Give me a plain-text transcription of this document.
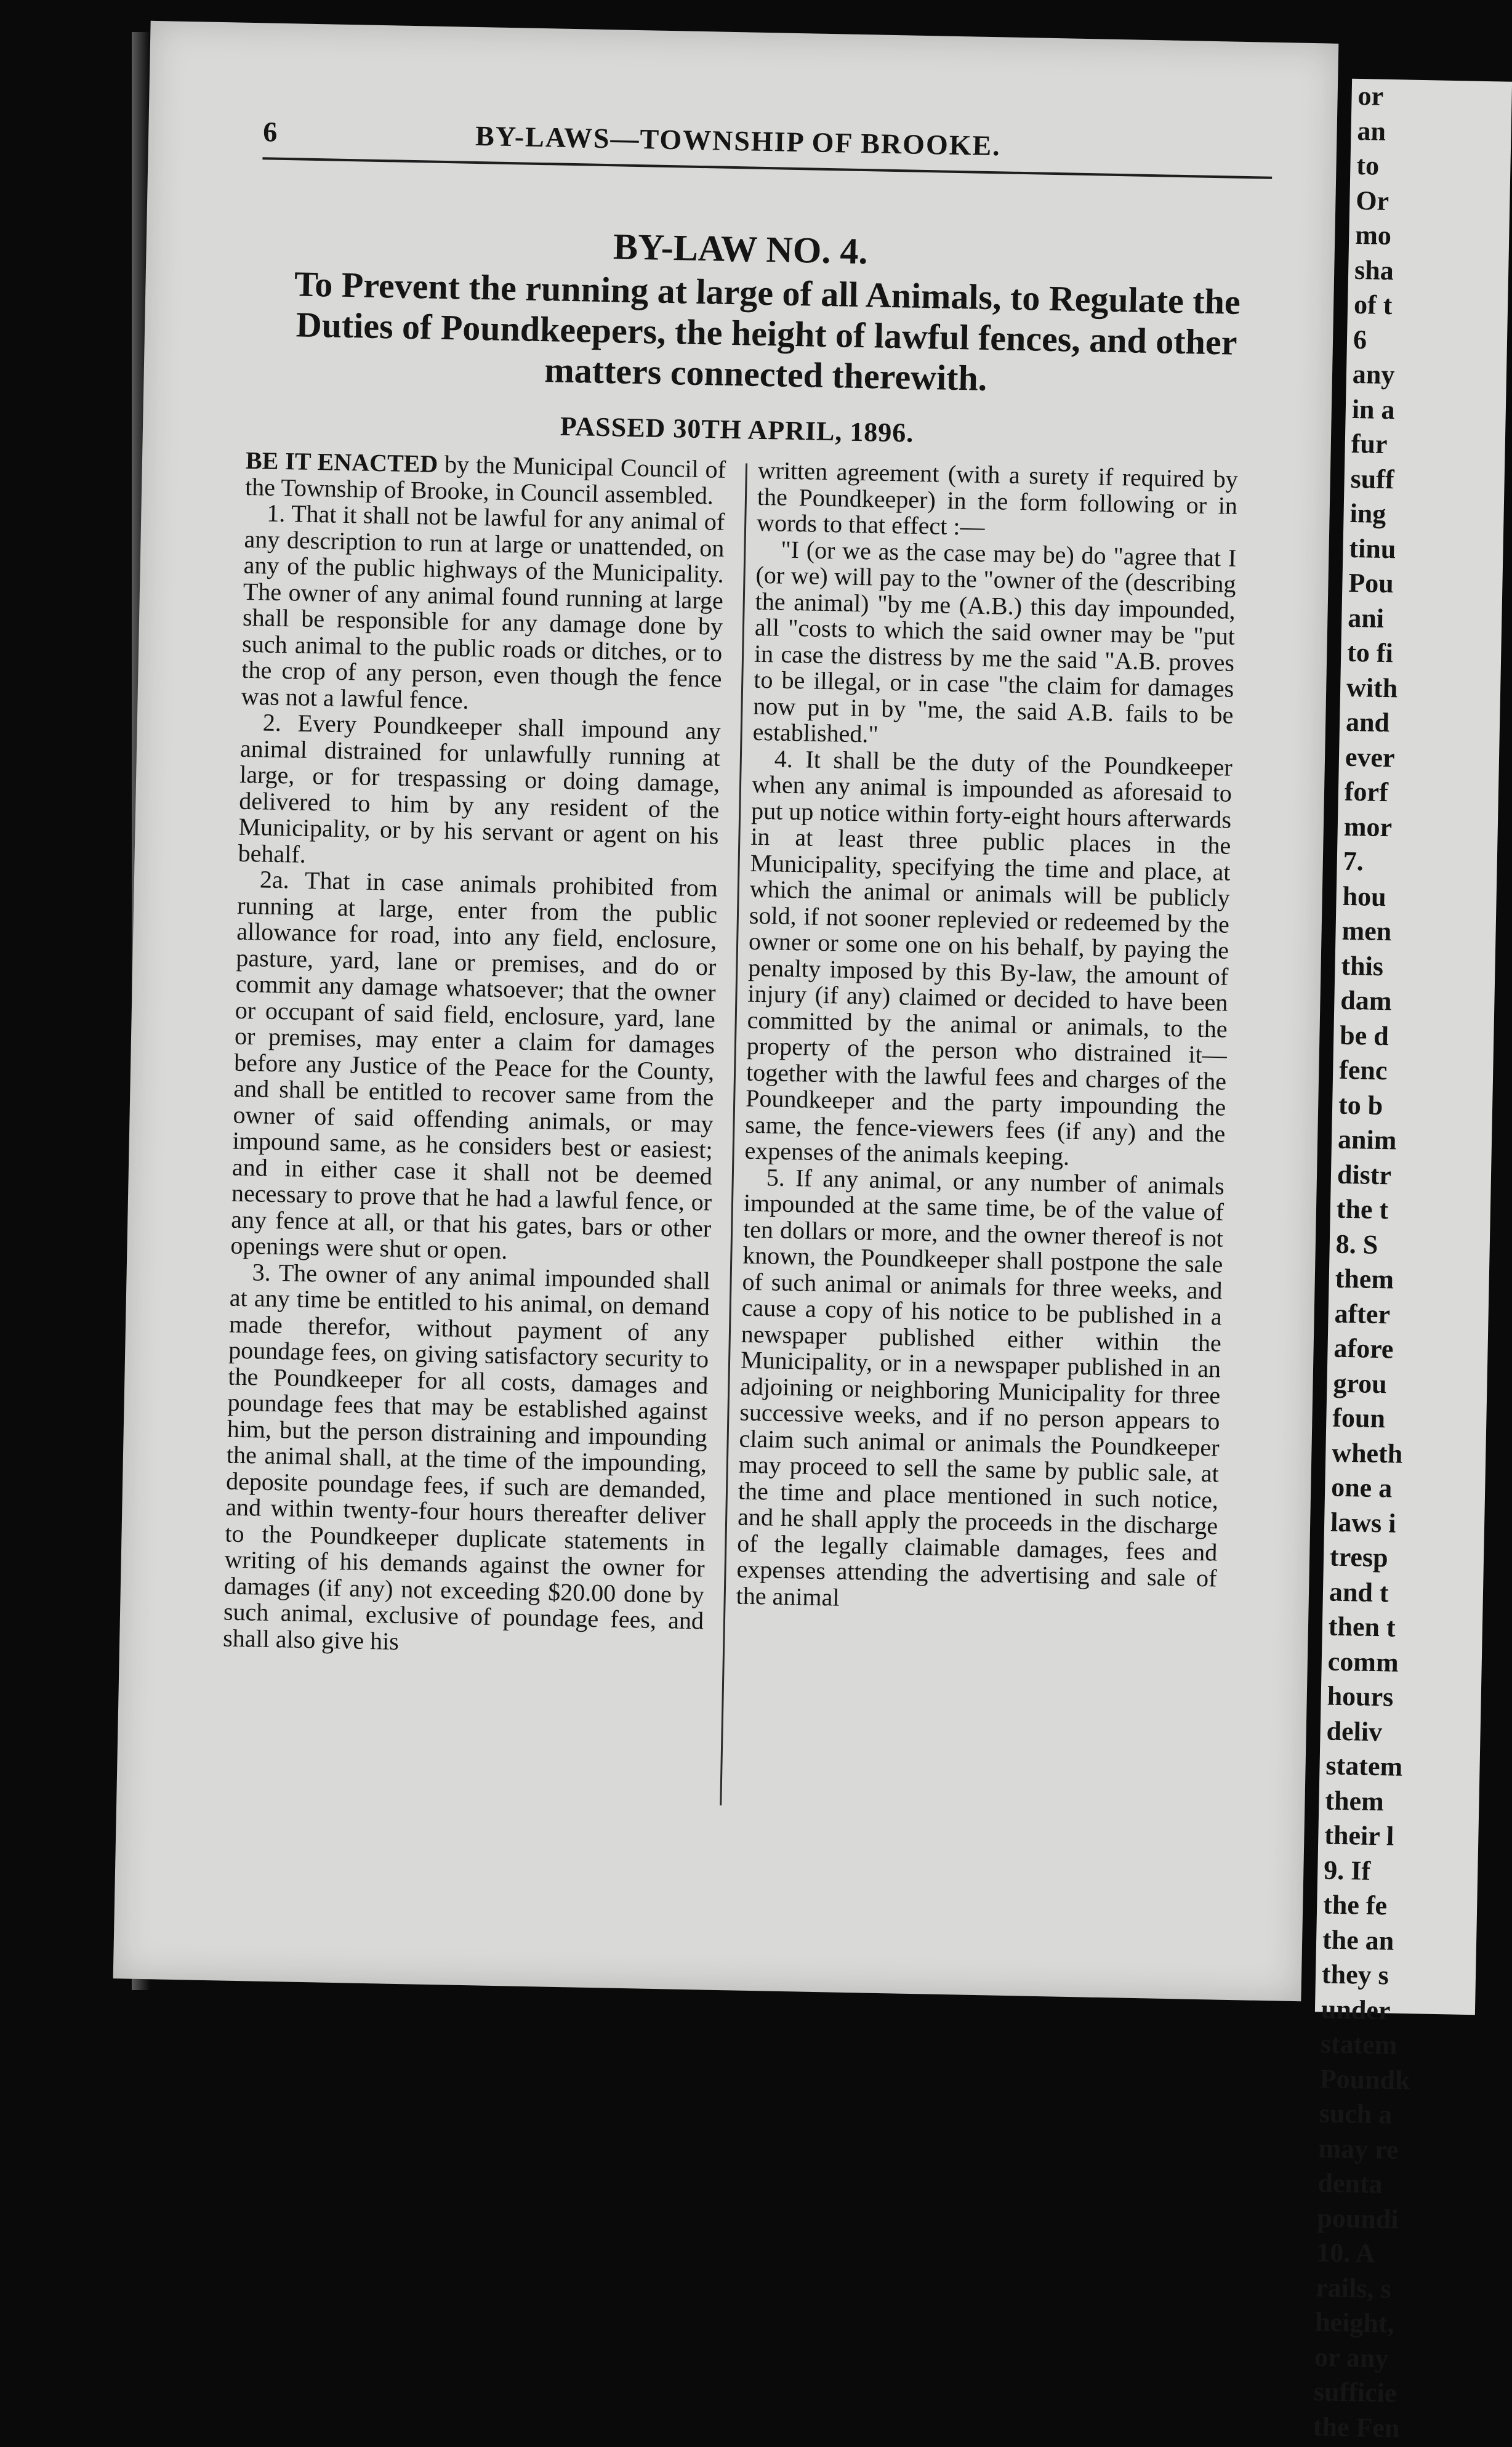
6	BY-LAWS—TOWNSHIP OF BROOKE.
BY-LAW NO. 4.
To Prevent the running at large of all Animals, to Regulate the Duties of Poundkeepers, the height of lawful fences, and other matters connected therewith.
PASSED 30TH APRIL, 1896.

BE IT ENACTED by the Municipal Council of the Township of Brooke, in Council assembled.

1. That it shall not be lawful for any animal of any description to run at large or unattended, on any of the public highways of the Municipality. The owner of any animal found running at large shall be responsible for any damage done by such animal to the public roads or ditches, or to the crop of any person, even though the fence was not a lawful fence.

2. Every Poundkeeper shall impound any animal distrained for unlawfully running at large, or for trespassing or doing damage, delivered to him by any resident of the Municipality, or by his servant or agent on his behalf.

2a. That in case animals prohibited from running at large, enter from the public allowance for road, into any field, enclosure, pasture, yard, lane or premises, and do or commit any damage whatsoever; that the owner or occupant of said field, enclosure, yard, lane or premises, may enter a claim for damages before any Justice of the Peace for the County, and shall be entitled to recover same from the owner of said offending animals, or may impound same, as he considers best or easiest; and in either case it shall not be deemed necessary to prove that he had a lawful fence, or any fence at all, or that his gates, bars or other openings were shut or open.

3. The owner of any animal impounded shall at any time be entitled to his animal, on demand made therefor, without payment of any poundage fees, on giving satisfactory security to the Poundkeeper for all costs, damages and poundage fees that may be established against him, but the person distraining and impounding the animal shall, at the time of the impounding, deposite poundage fees, if such are demanded, and within twenty-four hours thereafter deliver to the Poundkeeper duplicate statements in writing of his demands against the owner for damages (if any) not exceeding $20.00 done by such animal, exclusive of poundage fees, and shall also give his

written agreement (with a surety if required by the Poundkeeper) in the form following or in words to that effect :—

"I (or we as the case may be) do "agree that I (or we) will pay to the "owner of the (describing the animal) "by me (A.B.) this day impounded, all "costs to which the said owner may be "put in case the distress by me the said "A.B. proves to be illegal, or in case "the claim for damages now put in by "me, the said A.B. fails to be established."

4. It shall be the duty of the Poundkeeper when any animal is impounded as aforesaid to put up notice within forty-eight hours afterwards in at least three public places in the Municipality, specifying the time and place, at which the animal or animals will be publicly sold, if not sooner replevied or redeemed by the owner or some one on his behalf, by paying the penalty imposed by this By-law, the amount of injury (if any) claimed or decided to have been committed by the animal or animals, to the property of the person who distrained it—together with the lawful fees and charges of the Poundkeeper and the party impounding the same, the fence-viewers fees (if any) and the expenses of the animals keeping.

5. If any animal, or any number of animals impounded at the same time, be of the value of ten dollars or more, and the owner thereof is not known, the Poundkeeper shall postpone the sale of such animal or animals for three weeks, and cause a copy of his notice to be published in a newspaper published either within the Municipality, or in a newspaper published in an adjoining or neighboring Municipality for three successive weeks, and if no person appears to claim such animal or animals the Poundkeeper may proceed to sell the same by public sale, at the time and place mentioned in such notice, and he shall apply the proceeds in the discharge of the legally claimable damages, fees and expenses attending the advertising and sale of the animal

or
an
to
Or
mo
sha
of t
6
any
in a
fur
suff
ing
tinu
Pou
ani
to fi
with
and
ever
forf
mor
7.
hou
men
this
dam
be d
fenc
to b
anim
distr
the t
8. S
them
after
afore
grou
foun
wheth
one a
laws i
tresp
and t
then t
comm
hours
deliv
statem
them
their l
9. If
the fe
the an
they s
under
statem
Poundk
such a
may re
denta
poundi
10. A
rails, s
height,
or any
sufficie
the Fen
